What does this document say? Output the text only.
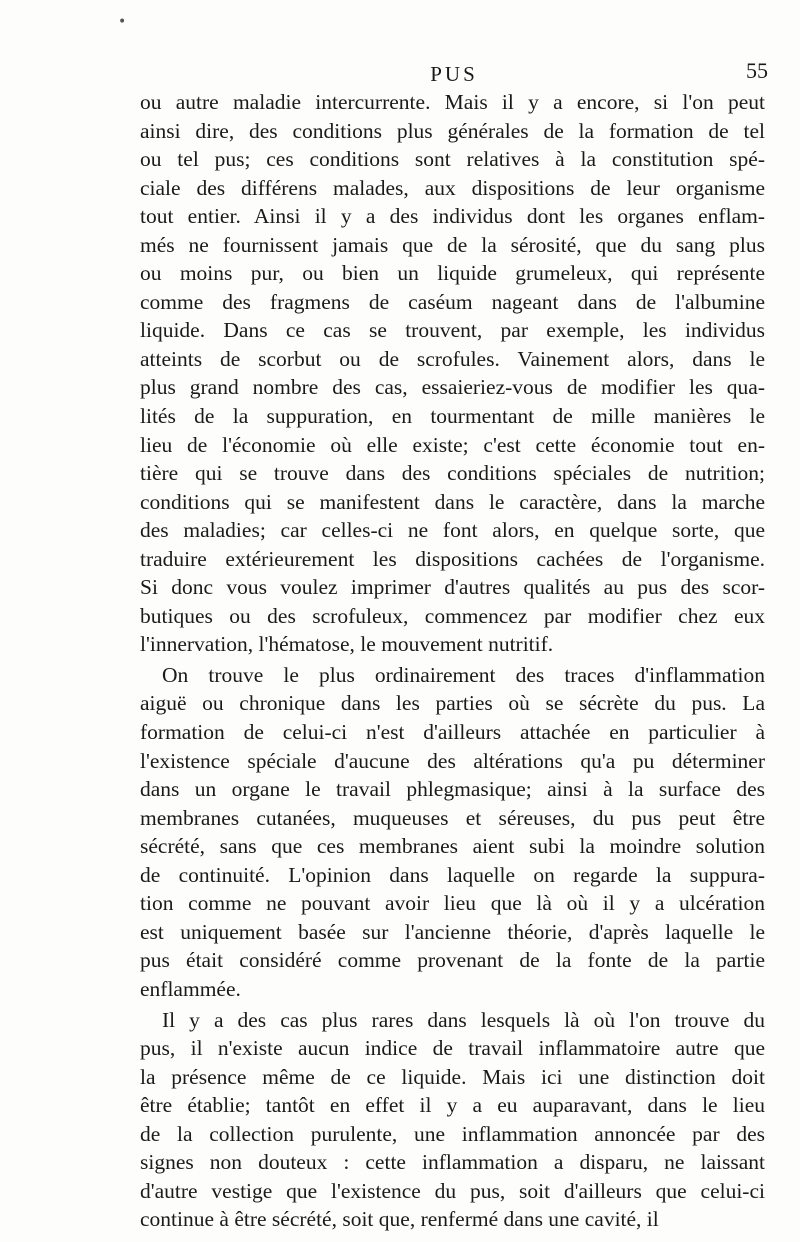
•
PUS	55
ou autre maladie intercurrente. Mais il y a encore, si l'on peut
ainsi dire, des conditions plus générales de la formation de tel
ou tel pus; ces conditions sont relatives à la constitution spé-
ciale des différens malades, aux dispositions de leur organisme
tout entier. Ainsi il y a des individus dont les organes enflam-
més ne fournissent jamais que de la sérosité, que du sang plus
ou moins pur, ou bien un liquide grumeleux, qui représente
comme des fragmens de caséum nageant dans de l'albumine
liquide. Dans ce cas se trouvent, par exemple, les individus
atteints de scorbut ou de scrofules. Vainement alors, dans le
plus grand nombre des cas, essaieriez-vous de modifier les qua-
lités de la suppuration, en tourmentant de mille manières le
lieu de l'économie où elle existe; c'est cette économie tout en-
tière qui se trouve dans des conditions spéciales de nutrition;
conditions qui se manifestent dans le caractère, dans la marche
des maladies; car celles-ci ne font alors, en quelque sorte, que
traduire extérieurement les dispositions cachées de l'organisme.
Si donc vous voulez imprimer d'autres qualités au pus des scor-
butiques ou des scrofuleux, commencez par modifier chez eux
l'innervation, l'hématose, le mouvement nutritif.
On trouve le plus ordinairement des traces d'inflammation
aiguë ou chronique dans les parties où se sécrète du pus. La
formation de celui-ci n'est d'ailleurs attachée en particulier à
l'existence spéciale d'aucune des altérations qu'a pu déterminer
dans un organe le travail phlegmasique; ainsi à la surface des
membranes cutanées, muqueuses et séreuses, du pus peut être
sécrété, sans que ces membranes aient subi la moindre solution
de continuité. L'opinion dans laquelle on regarde la suppura-
tion comme ne pouvant avoir lieu que là où il y a ulcération
est uniquement basée sur l'ancienne théorie, d'après laquelle le
pus était considéré comme provenant de la fonte de la partie
enflammée.
Il y a des cas plus rares dans lesquels là où l'on trouve du
pus, il n'existe aucun indice de travail inflammatoire autre que
la présence même de ce liquide. Mais ici une distinction doit
être établie; tantôt en effet il y a eu auparavant, dans le lieu
de la collection purulente, une inflammation annoncée par des
signes non douteux : cette inflammation a disparu, ne laissant
d'autre vestige que l'existence du pus, soit d'ailleurs que celui-ci
continue à être sécrété, soit que, renfermé dans une cavité, il
